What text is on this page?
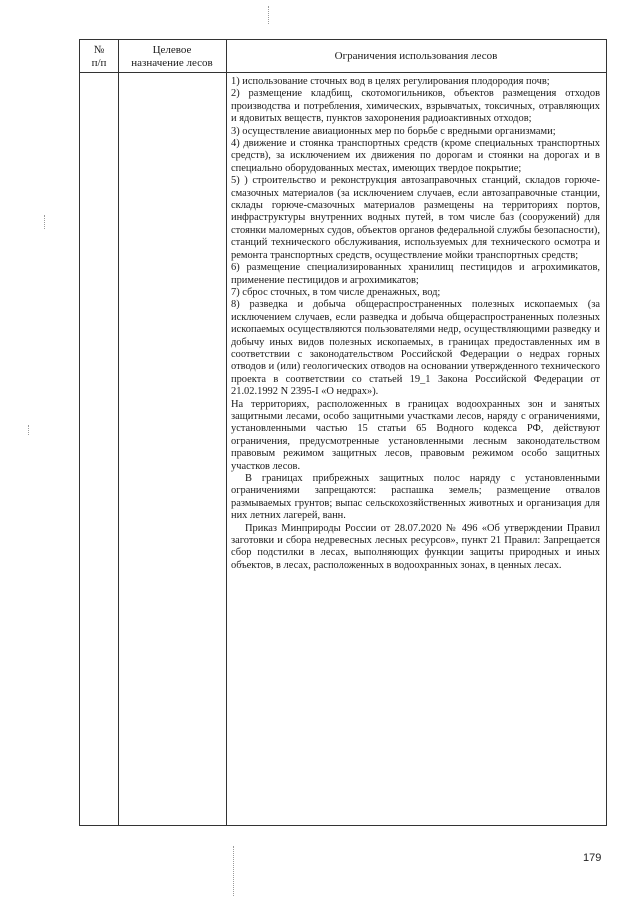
№
п/п
Целевое
назначение лесов
Ограничения использования лесов

1) использование сточных вод в целях регулирования плодородия почв;

2) размещение кладбищ, скотомогильников, объектов размещения отходов производства и потребления, химических, взрывчатых, токсичных, отравляющих и ядовитых веществ, пунктов захоронения радиоактивных отходов;

3) осуществление авиационных мер по борьбе с вредными организмами;

4) движение и стоянка транспортных средств (кроме специальных транспортных средств), за исключением их движения по дорогам и стоянки на дорогах и в специально оборудованных местах, имеющих твердое покрытие;

5) ) строительство и реконструкция автозаправочных станций, складов горюче-смазочных материалов (за исключением случаев, если автозаправочные станции, склады горюче-смазочных материалов размещены на территориях портов, инфраструктуры внутренних водных путей, в том числе баз (сооружений) для стоянки маломерных судов, объектов органов федеральной службы безопасности), станций технического обслуживания, используемых для технического осмотра и ремонта транспортных средств, осуществление мойки транспортных средств;

6) размещение специализированных хранилищ пестицидов и агрохимикатов, применение пестицидов и агрохимикатов;

7) сброс сточных, в том числе дренажных, вод;

8) разведка и добыча общераспространенных полезных ископаемых (за исключением случаев, если разведка и добыча общераспространенных полезных ископаемых осуществляются пользователями недр, осуществляющими разведку и добычу иных видов полезных ископаемых, в границах предоставленных им в соответствии с законодательством Российской Федерации о недрах горных отводов и (или) геологических отводов на основании утвержденного технического проекта в соответствии со статьей 19_1 Закона Российской Федерации от 21.02.1992 N 2395-I «О недрах»).

На территориях, расположенных в границах водоохранных зон и занятых защитными лесами, особо защитными участками лесов, наряду с ограничениями, установленными частью 15 статьи 65 Водного кодекса РФ, действуют ограничения, предусмотренные установленными лесным законодательством правовым режимом защитных лесов, правовым режимом особо защитных участков лесов.

В границах прибрежных защитных полос наряду с установленными ограничениями запрещаются: распашка земель; размещение отвалов размываемых грунтов; выпас сельскохозяйственных животных и организация для них летних лагерей, ванн.

Приказ Минприроды России от 28.07.2020 № 496 «Об утверждении Правил заготовки и сбора недревесных лесных ресурсов», пункт 21 Правил: Запрещается сбор подстилки в лесах, выполняющих функции защиты природных и иных объектов, в лесах, расположенных в водоохранных зонах, в ценных лесах.

179
